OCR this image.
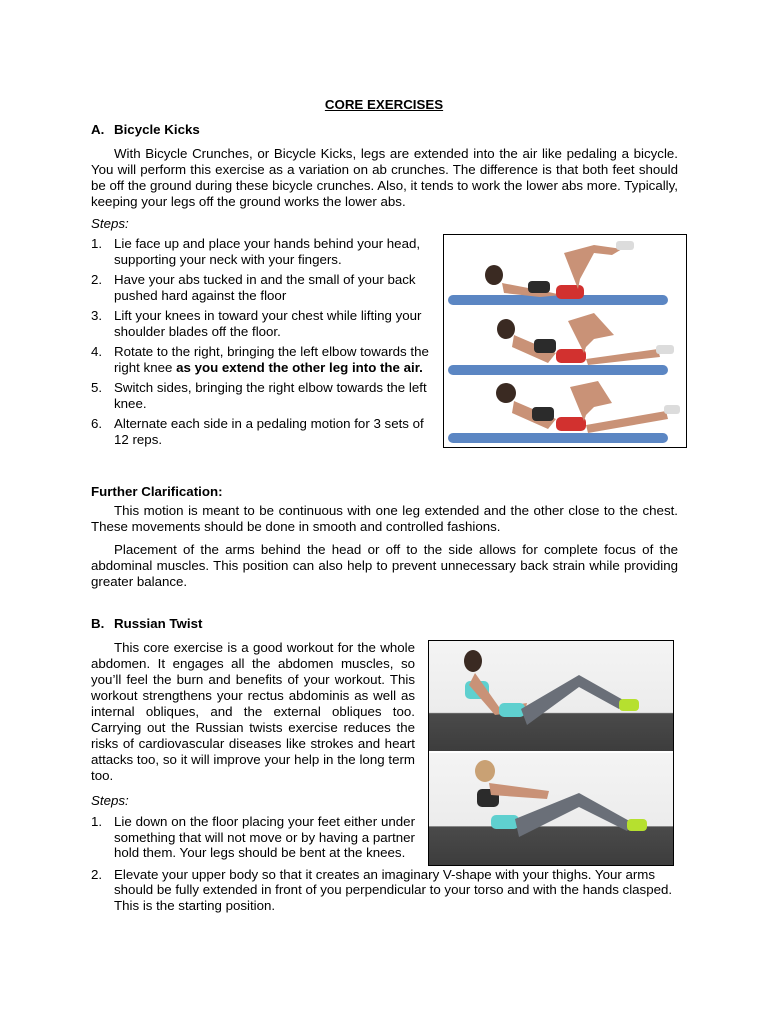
CORE EXERCISES
A. Bicycle Kicks
With Bicycle Crunches, or Bicycle Kicks, legs are extended into the air like pedaling a bicycle. You will perform this exercise as a variation on ab crunches. The difference is that both feet should be off the ground during these bicycle crunches. Also, it tends to work the lower abs more. Typically, keeping your legs off the ground works the lower abs.
Steps:
1. Lie face up and place your hands behind your head, supporting your neck with your fingers.
2. Have your abs tucked in and the small of your back pushed hard against the floor
3. Lift your knees in toward your chest while lifting your shoulder blades off the floor.
4. Rotate to the right, bringing the left elbow towards the right knee as you extend the other leg into the air.
5. Switch sides, bringing the right elbow towards the left knee.
6. Alternate each side in a pedaling motion for 3 sets of 12 reps.
Further Clarification:
This motion is meant to be continuous with one leg extended and the other close to the chest. These movements should be done in smooth and controlled fashions.
Placement of the arms behind the head or off to the side allows for complete focus of the abdominal muscles. This position can also help to prevent unnecessary back strain while providing greater balance.
B. Russian Twist
This core exercise is a good workout for the whole abdomen. It engages all the abdomen muscles, so you’ll feel the burn and benefits of your workout. This workout strengthens your rectus abdominis as well as internal obliques, and the external obliques too. Carrying out the Russian twists exercise reduces the risks of cardiovascular diseases like strokes and heart attacks too, so it will improve your help in the long term too.
Steps:
1. Lie down on the floor placing your feet either under something that will not move or by having a partner hold them. Your legs should be bent at the knees.
2. Elevate your upper body so that it creates an imaginary V-shape with your thighs. Your arms should be fully extended in front of you perpendicular to your torso and with the hands clasped. This is the starting position.
